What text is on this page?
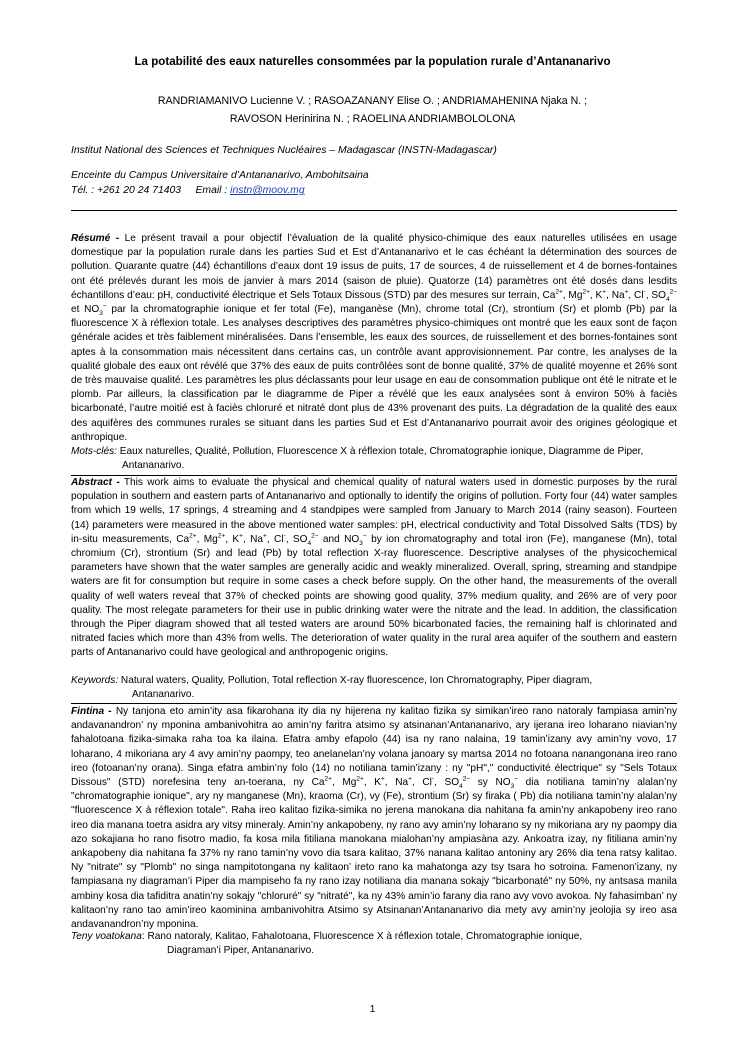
La potabilité des eaux naturelles consommées par la population rurale d’Antananarivo
RANDRIAMANIVO Lucienne V. ; RASOAZANANY Elise O. ; ANDRIAMAHENINA Njaka N. ;
RAVOSON Herinirina N. ; RAOELINA ANDRIAMBOLOLONA
Institut National des Sciences et Techniques Nucléaires – Madagascar (INSTN-Madagascar)
Enceinte du Campus Universitaire d’Antananarivo, Ambohitsaina
Tél. : +261 20 24 71403 Email : instn@moov.mg
Résumé - Le présent travail a pour objectif l’évaluation de la qualité physico-chimique des eaux naturelles utilisées en usage domestique par la population rurale dans les parties Sud et Est d’Antananarivo et le cas échéant la détermination des sources de pollution. Quarante quatre (44) échantillons d’eaux dont 19 issus de puits, 17 de sources, 4 de ruissellement et 4 de bornes-fontaines ont été prélevés durant les mois de janvier à mars 2014 (saison de pluie). Quatorze (14) paramètres ont été dosés dans lesdits échantillons d’eau: pH, conductivité électrique et Sels Totaux Dissous (STD) par des mesures sur terrain, $Ca^{2+}$, $Mg^{2+}$, K+, Na+, Cl-, $SO_4^{2-}$ et $NO_3^-$ par la chromatographie ionique et fer total (Fe), manganèse (Mn), chrome total (Cr), strontium (Sr) et plomb (Pb) par la fluorescence X à réflexion totale. Les analyses descriptives des paramètres physico-chimiques ont montré que les eaux sont de façon générale acides et très faiblement minéralisées. Dans l’ensemble, les eaux des sources, de ruissellement et des bornes-fontaines sont aptes à la consommation mais nécessitent dans certains cas, un contrôle avant approvisionnement. Par contre, les analyses de la qualité globale des eaux ont révélé que 37% des eaux de puits contrôlées sont de bonne qualité, 37% de qualité moyenne et 26% sont de très mauvaise qualité. Les paramètres les plus déclassants pour leur usage en eau de consommation publique ont été le nitrate et le plomb. Par ailleurs, la classification par le diagramme de Piper a révélé que les eaux analysées sont à environ 50% à faciès bicarbonaté, l’autre moitié est à faciès chloruré et nitraté dont plus de 43% provenant des puits. La dégradation de la qualité des eaux des aquifères des communes rurales se situant dans les parties Sud et Est d’Antananarivo pourrait avoir des origines géologique et anthropique.
Mots-clés: Eaux naturelles, Qualité, Pollution, Fluorescence X à réflexion totale, Chromatographie ionique, Diagramme de Piper,
Antananarivo.
Abstract - This work aims to evaluate the physical and chemical quality of natural waters used in domestic purposes by the rural population in southern and eastern parts of Antananarivo and optionally to identify the origins of pollution. Forty four (44) water samples from which 19 wells, 17 springs, 4 streaming and 4 standpipes were sampled from January to March 2014 (rainy season). Fourteen (14) parameters were measured in the above mentioned water samples: pH, electrical conductivity and Total Dissolved Salts (TDS) by in-situ measurements, $Ca^{2+}$, $Mg^{2+}$, K+, Na+, Cl-, $SO_4^{2-}$ and $NO_3^-$ by ion chromatography and total iron (Fe), manganese (Mn), total chromium (Cr), strontium (Sr) and lead (Pb) by total reflection X-ray fluorescence. Descriptive analyses of the physicochemical parameters have shown that the water samples are generally acidic and weakly mineralized. Overall, spring, streaming and standpipe waters are fit for consumption but require in some cases a check before supply. On the other hand, the measurements of the overall quality of well waters reveal that 37% of checked points are showing good quality, 37% medium quality, and 26% are of very poor quality. The most relegate parameters for their use in public drinking water were the nitrate and the lead. In addition, the classification through the Piper diagram showed that all tested waters are around 50% bicarbonated facies, the remaining half is chlorinated and nitrated facies which more than 43% from wells. The deterioration of water quality in the rural area aquifer of the southern and eastern parts of Antananarivo could have geological and anthropogenic origins.
Keywords: Natural waters, Quality, Pollution, Total reflection X-ray fluorescence, Ion Chromatography, Piper diagram,
Antananarivo.
Fintina - Ny tanjona eto amin’ity asa fikarohana ity dia ny hijerena ny kalitao fizika sy simikan’ireo rano natoraly fampiasa amin’ny andavanandron’ ny mponina ambanivohitra ao amin’ny faritra atsimo sy atsinanan’Antananarivo, ary ijerana ireo loharano niavian’ny fahalotoana fizika-simaka raha toa ka ilaina. Efatra amby efapolo (44) isa ny rano nalaina, 19 tamin’izany avy amin’ny vovo, 17 loharano, 4 mikoriana ary 4 avy amin’ny paompy, teo anelanelan’ny volana janoary sy martsa 2014 no fotoana nanangonana ireo rano ireo (fotoanan’ny orana). Singa efatra ambin’ny folo (14) no notiliana tamin’izany : ny "pH"," conductivité électrique" sy "Sels Totaux Dissous" (STD) norefesina teny an-toerana, ny $Ca^{2+}$, $Mg^{2+}$, K+, Na+, Cl-, $SO_4^{2-}$ sy $NO_3^-$ dia notiliana tamin’ny alalan’ny "chromatographie ionique", ary ny manganese (Mn), kraoma (Cr), vy (Fe), strontium (Sr) sy firaka ( Pb) dia notiliana tamin’ny alalan’ny "fluorescence X à réflexion totale". Raha ireo kalitao fizika-simika no jerena manokana dia nahitana fa amin’ny ankapobeny ireo rano ireo dia manana toetra asidra ary vitsy mineraly. Amin’ny ankapobeny, ny rano avy amin’ny loharano sy ny mikoriana ary ny paompy dia azo sokajiana ho rano fisotro madio, fa kosa mila fitiliana manokana mialohan’ny ampiasàna azy. Ankoatra izay, ny fitiliana amin’ny ankapobeny dia nahitana fa 37% ny rano tamin’ny vovo dia tsara kalitao, 37% nanana kalitao antoniny ary 26% dia tena ratsy kalitao. Ny "nitrate" sy "Plomb" no singa nampitotongana ny kalitaon’ ireto rano ka mahatonga azy tsy tsara ho sotroina. Famenon’izany, ny fampiasana ny diagraman’i Piper dia mampiseho fa ny rano izay notiliana dia manana sokajy "bicarbonaté" ny 50%, ny antsasa manila ambiny kosa dia tafiditra anatin’ny sokajy "chloruré" sy "nitraté", ka ny 43% amin’io farany dia rano avy vovo avokoa. Ny fahasimban’ ny kalitaon’ny rano tao amin’ireo kaominina ambanivohitra Atsimo sy Atsinanan’Antananarivo dia mety avy amin’ny jeolojia sy ireo asa andavanandron’ny mponina.
Teny voatokana: Rano natoraly, Kalitao, Fahalotoana, Fluorescence X à réflexion totale, Chromatographie ionique,
Diagraman’i Piper, Antananarivo.
1
